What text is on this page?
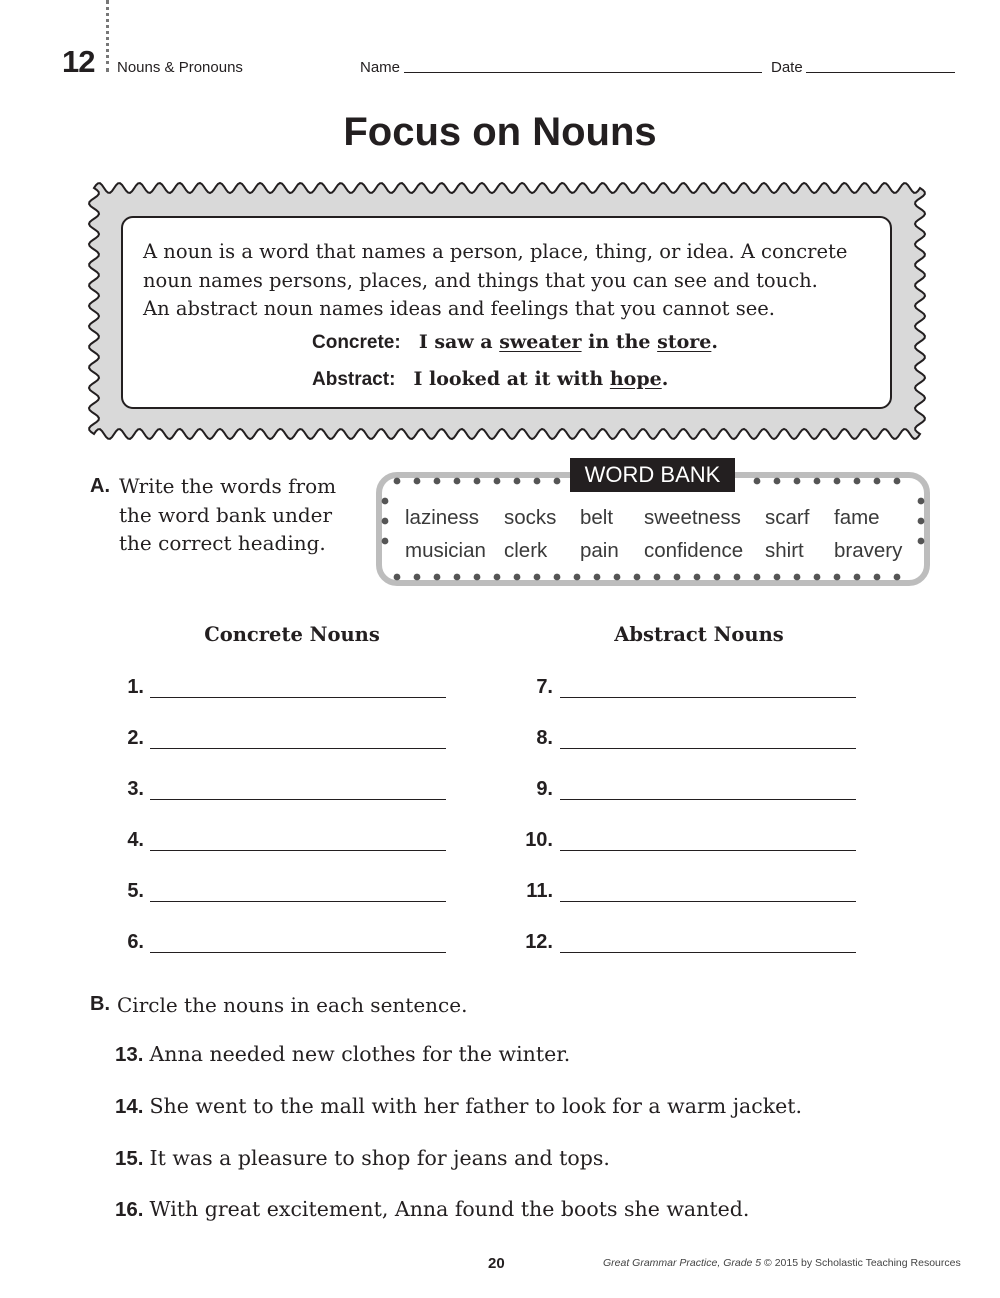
12 Nouns & Pronouns	Name	Date
Focus on Nouns
A noun is a word that names a person, place, thing, or idea. A concrete
noun names persons, places, and things that you can see and touch.
An abstract noun names ideas and feelings that you cannot see.
Concrete: I saw a sweater in the store.
Abstract: I looked at it with hope.
A. Write the words from
the word bank under
the correct heading.
WORD BANK
laziness socks belt sweetness scarf fame
musician clerk pain confidence shirt bravery
Concrete Nouns	Abstract Nouns
1.
2.
3.
4.
5.
6.
7.
8.
9.
10.
11.
12.
B. Circle the nouns in each sentence.
13. Anna needed new clothes for the winter.
14. She went to the mall with her father to look for a warm jacket.
15. It was a pleasure to shop for jeans and tops.
16. With great excitement, Anna found the boots she wanted.
20	Great Grammar Practice, Grade 5 © 2015 by Scholastic Teaching Resources
